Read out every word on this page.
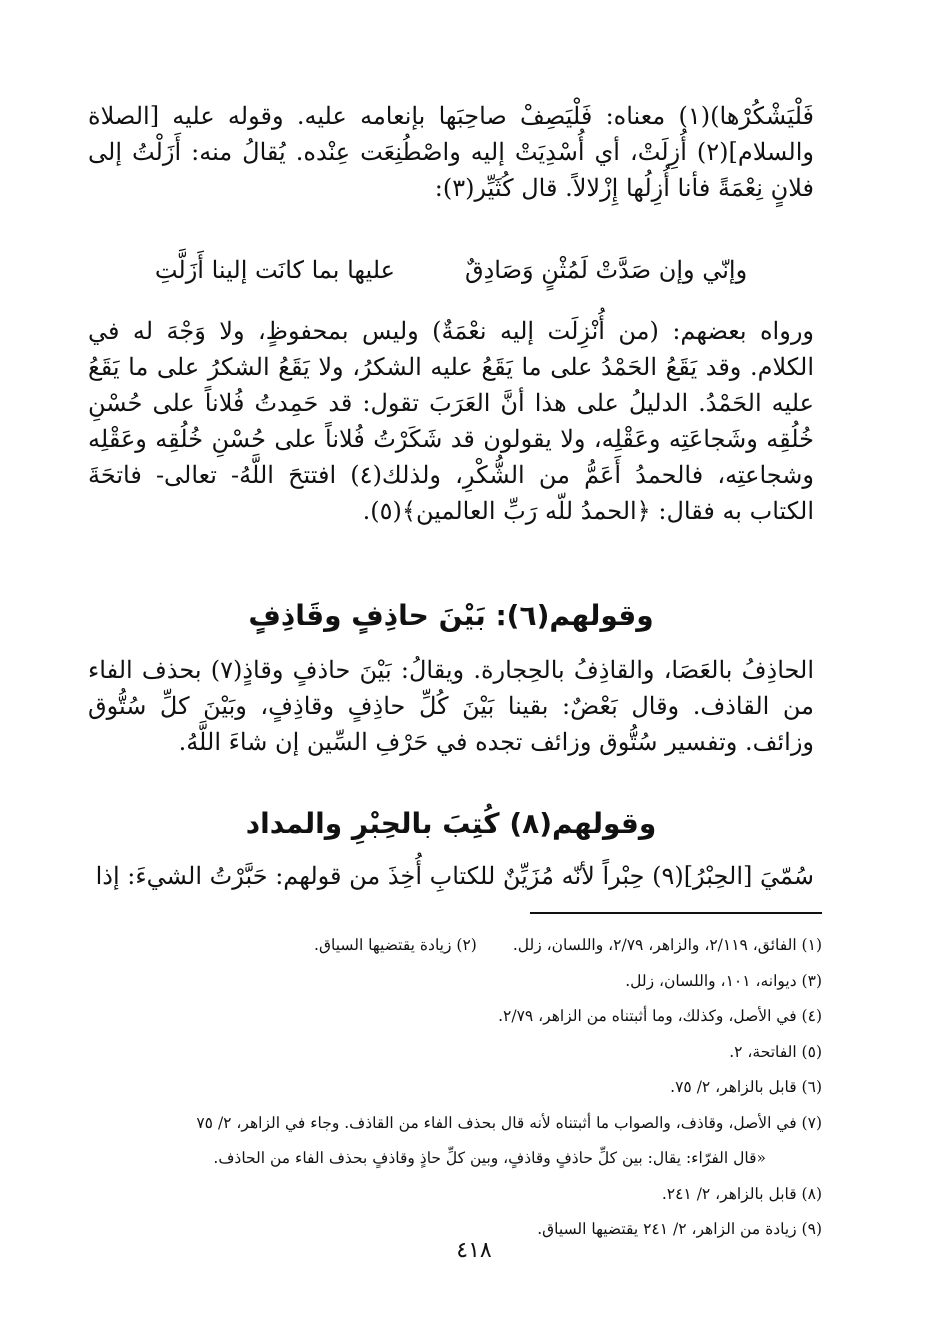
فَلْيَشْكُرْها)(١) معناه: فَلْيَصِفْ صاحِبَها بإنعامه عليه. وقوله عليه [الصلاة والسلام](٢) أُزِلَتْ، أي أُسْدِيَتْ إليه واصْطُنِعَت عِنْده. يُقالُ منه: أَزَلْتُ إلى فلانٍ نِعْمَةً فأنا أُزِلُها إِزْلالاً. قال كُثَيِّر(٣):

وإنّي وإن صَدَّتْ لَمُثْنٍ وَصَادِقٌ
عليها بما كانَت إلينا أَزَلَّتِ

ورواه بعضهم: (من أُنْزِلَت إليه نعْمَةٌ) وليس بمحفوظٍ، ولا وَجْهَ له في الكلام. وقد يَقَعُ الحَمْدُ على ما يَقَعُ عليه الشكرُ، ولا يَقَعُ الشكرُ على ما يَقَعُ عليه الحَمْدُ. الدليلُ على هذا أنَّ العَرَبَ تقول: قد حَمِدتُ فُلاناً على حُسْنِ خُلُقِه وشَجاعَتِه وعَقْلِه، ولا يقولون قد شَكَرْتُ فُلاناً على حُسْنِ خُلُقِه وعَقْلِه وشجاعتِه، فالحمدُ أَعَمُّ من الشُّكْرِ، ولذلك(٤) افتتحَ اللَّهُ- تعالى- فاتحَةَ الكتاب به فقال: ﴿الحمدُ للّه رَبِّ العالمين﴾(٥).

وقولهم(٦): بَيْنَ حاذِفٍ وقَاذِفٍ

الحاذِفُ بالعَصَا، والقاذِفُ بالحِجارة. ويقالُ: بَيْنَ حاذفٍ وقاذٍ(٧) بحذف الفاء من القاذف. وقال بَعْضٌ: بقينا بَيْنَ كُلِّ حاذِفٍ وقاذِفٍ، وبَيْنَ كلِّ سُتُّوق وزائف. وتفسير سُتُّوق وزائف تجده في حَرْفِ السِّين إن شاءَ اللَّهُ.

وقولهم(٨) كُتِبَ بالحِبْرِ والمداد

سُمّيَ [الحِبْرُ](٩) حِبْراً لأنّه مُزَيِّنٌ للكتابِ أُخِذَ من قولهم: حَبَّرْتُ الشيءَ: إذا

(١) الفائق، ٢/١١٩، والزاهر، ٢/٧٩، واللسان، زلل.
(٢) زيادة يقتضيها السياق.
(٣) ديوانه، ١٠١، واللسان، زلل.
(٤) في الأصل، وكذلك، وما أثبتناه من الزاهر، ٢/٧٩.
(٥) الفاتحة، ٢.
(٦) قابل بالزاهر، ٢/ ٧٥.
(٧) في الأصل، وقاذف، والصواب ما أثبتناه لأنه قال بحذف الفاء من القاذف. وجاء في الزاهر، ٢/ ٧٥
«قال الفرّاء: يقال: بين كلِّ حاذفٍ وقاذفٍ، وبين كلِّ حاذٍ وقاذفٍ بحذف الفاء من الحاذف.
(٨) قابل بالزاهر، ٢/ ٢٤١.
(٩) زيادة من الزاهر، ٢/ ٢٤١ يقتضيها السياق.
٤١٨
